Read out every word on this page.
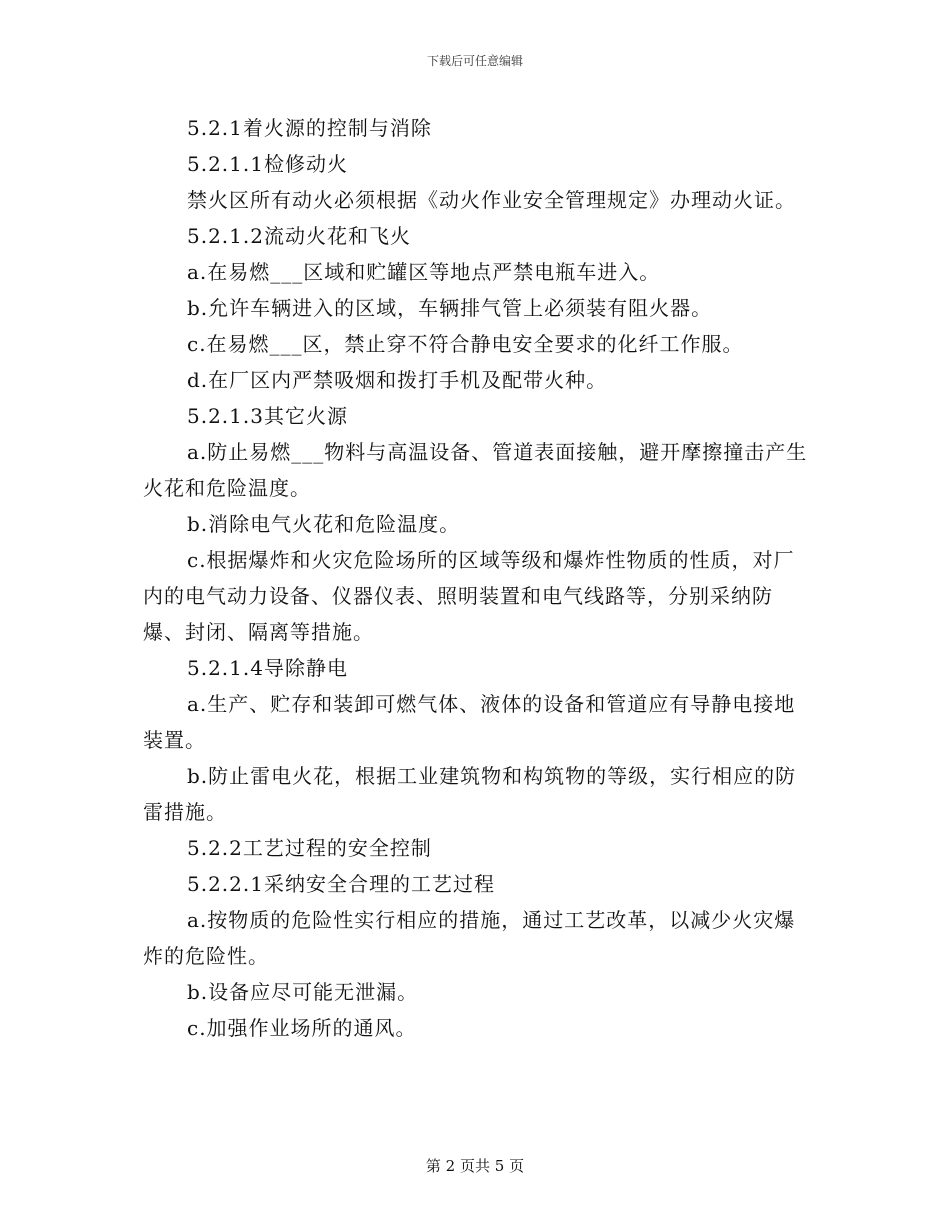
下载后可任意编辑
5.2.1着火源的控制与消除
5.2.1.1检修动火
禁火区所有动火必须根据《动火作业安全管理规定》办理动火证。
5.2.1.2流动火花和飞火
a.在易燃___区域和贮罐区等地点严禁电瓶车进入。
b.允许车辆进入的区域，车辆排气管上必须装有阻火器。
c.在易燃___区，禁止穿不符合静电安全要求的化纤工作服。
d.在厂区内严禁吸烟和拨打手机及配带火种。
5.2.1.3其它火源
a.防止易燃___物料与高温设备、管道表面接触，避开摩擦撞击产生火花和危险温度。
b.消除电气火花和危险温度。
c.根据爆炸和火灾危险场所的区域等级和爆炸性物质的性质，对厂内的电气动力设备、仪器仪表、照明装置和电气线路等，分别采纳防爆、封闭、隔离等措施。
5.2.1.4导除静电
a.生产、贮存和装卸可燃气体、液体的设备和管道应有导静电接地装置。
b.防止雷电火花，根据工业建筑物和构筑物的等级，实行相应的防雷措施。
5.2.2工艺过程的安全控制
5.2.2.1采纳安全合理的工艺过程
a.按物质的危险性实行相应的措施，通过工艺改革，以减少火灾爆炸的危险性。
b.设备应尽可能无泄漏。
c.加强作业场所的通风。
第 2 页共 5 页
